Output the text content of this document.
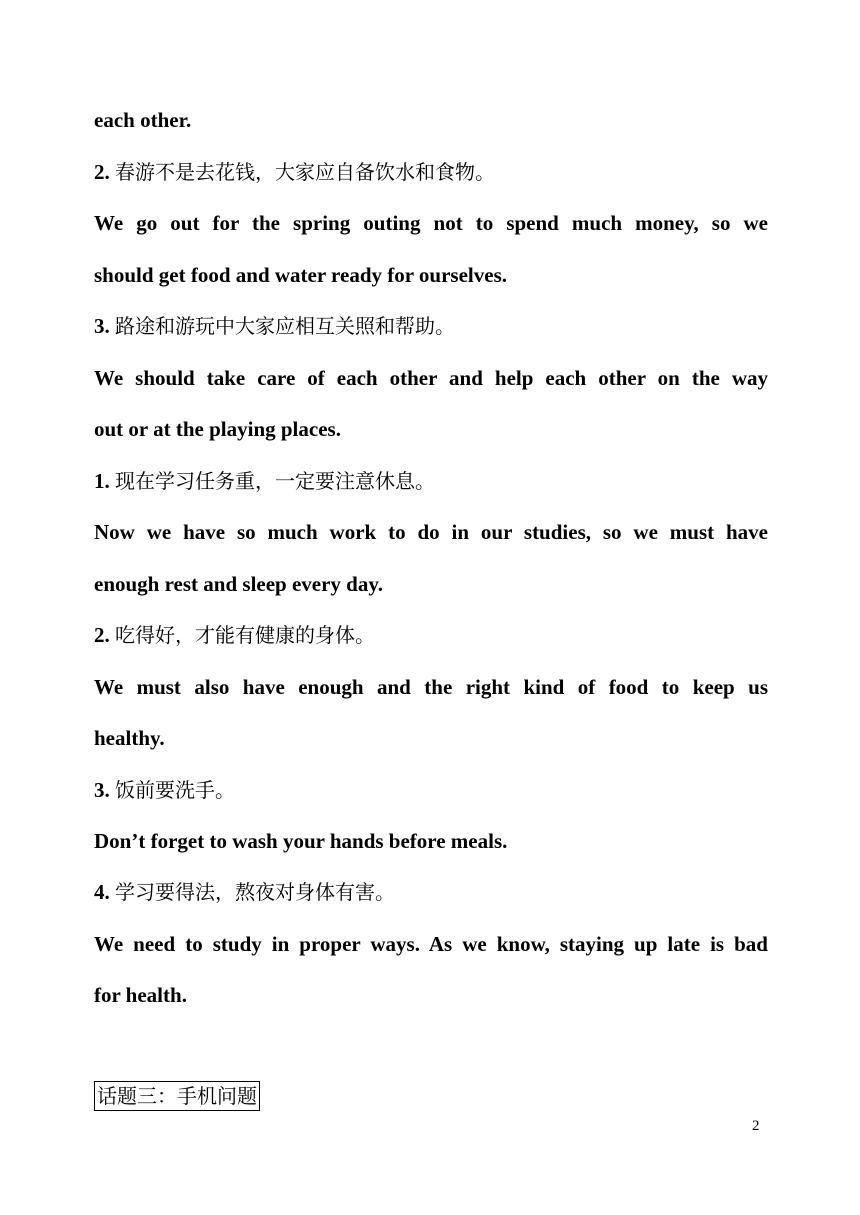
each other.
2. 春游不是去花钱，大家应自备饮水和食物。
We go out for the spring outing not to spend much money, so we
should get food and water ready for ourselves.
3. 路途和游玩中大家应相互关照和帮助。
We should take care of each other and help each other on the way
out or at the playing places.
1. 现在学习任务重，一定要注意休息。
Now we have so much work to do in our studies, so we must have
enough rest and sleep every day.
2. 吃得好，才能有健康的身体。
We must also have enough and the right kind of food to keep us
healthy.
3. 饭前要洗手。
Don’t forget to wash your hands before meals.
4. 学习要得法，熬夜对身体有害。
We need to study in proper ways. As we know, staying up late is bad
for health.
话题三：手机问题
2
